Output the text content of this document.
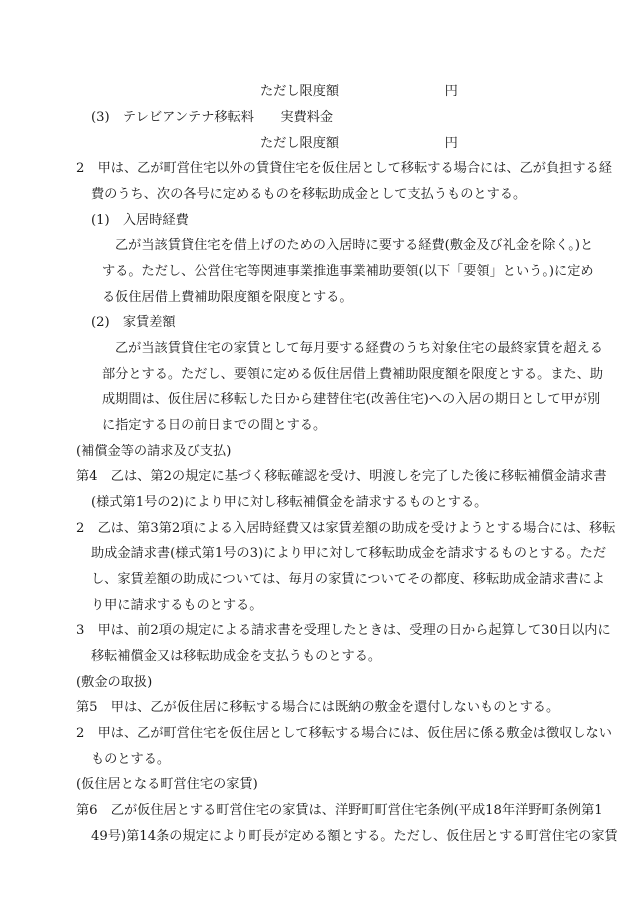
ただし限度額　　　　　　　　円
(3)　テレビアンテナ移転料　　実費料金
ただし限度額　　　　　　　　円
2　甲は、乙が町営住宅以外の賃貸住宅を仮住居として移転する場合には、乙が負担する経
費のうち、次の各号に定めるものを移転助成金として支払うものとする。
(1)　入居時経費
乙が当該賃貸住宅を借上げのための入居時に要する経費(敷金及び礼金を除く。)と
する。ただし、公営住宅等関連事業推進事業補助要領(以下「要領」という。)に定め
る仮住居借上費補助限度額を限度とする。
(2)　家賃差額
乙が当該賃貸住宅の家賃として毎月要する経費のうち対象住宅の最終家賃を超える
部分とする。ただし、要領に定める仮住居借上費補助限度額を限度とする。また、助
成期間は、仮住居に移転した日から建替住宅(改善住宅)への入居の期日として甲が別
に指定する日の前日までの間とする。
(補償金等の請求及び支払)
第4　乙は、第2の規定に基づく移転確認を受け、明渡しを完了した後に移転補償金請求書
(様式第1号の2)により甲に対し移転補償金を請求するものとする。
2　乙は、第3第2項による入居時経費又は家賃差額の助成を受けようとする場合には、移転
助成金請求書(様式第1号の3)により甲に対して移転助成金を請求するものとする。ただ
し、家賃差額の助成については、毎月の家賃についてその都度、移転助成金請求書によ
り甲に請求するものとする。
3　甲は、前2項の規定による請求書を受理したときは、受理の日から起算して30日以内に
移転補償金又は移転助成金を支払うものとする。
(敷金の取扱)
第5　甲は、乙が仮住居に移転する場合には既納の敷金を還付しないものとする。
2　甲は、乙が町営住宅を仮住居として移転する場合には、仮住居に係る敷金は徴収しない
ものとする。
(仮住居となる町営住宅の家賃)
第6　乙が仮住居とする町営住宅の家賃は、洋野町町営住宅条例(平成18年洋野町条例第1
49号)第14条の規定により町長が定める額とする。ただし、仮住居とする町営住宅の家賃
